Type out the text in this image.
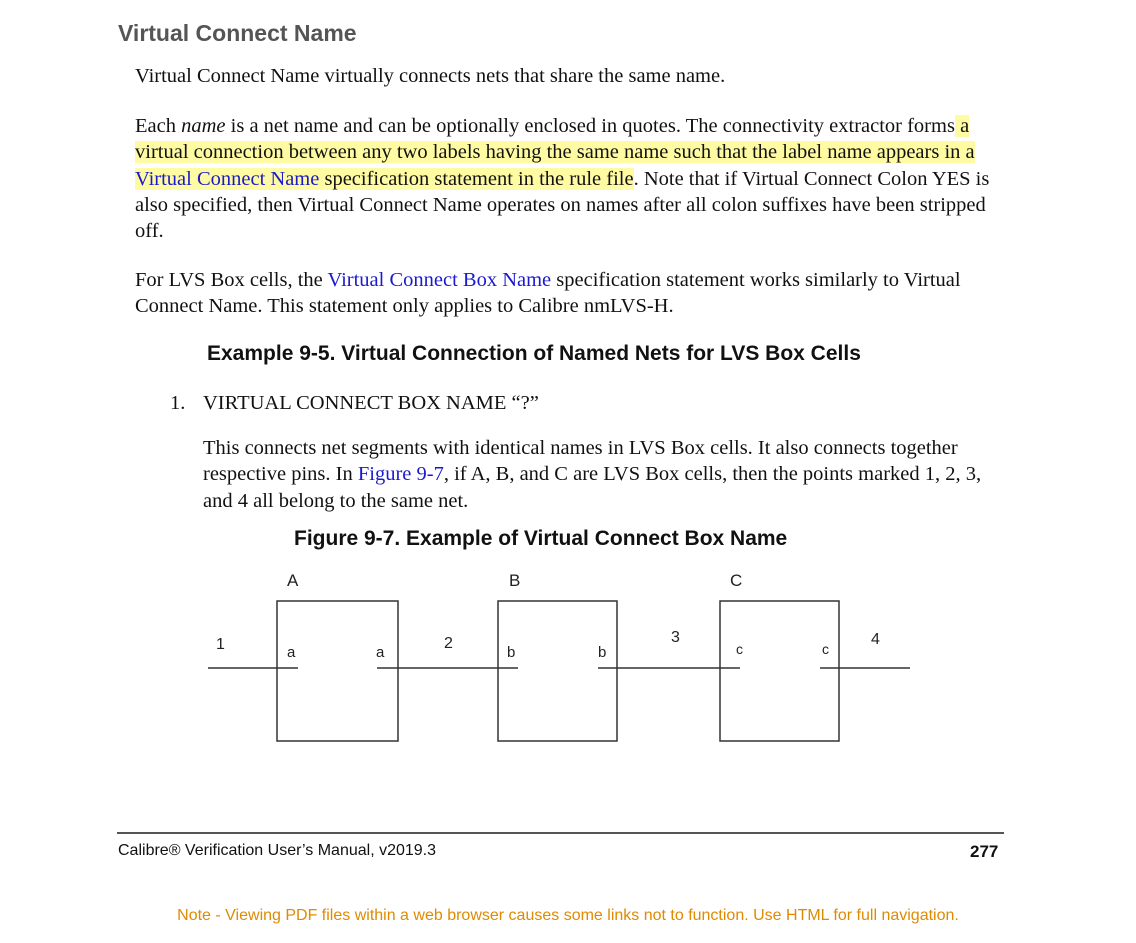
Virtual Connect Name

Virtual Connect Name virtually connects nets that share the same name.

Each name is a net name and can be optionally enclosed in quotes. The connectivity extractor forms a virtual connection between any two labels having the same name such that the label name appears in a Virtual Connect Name specification statement in the rule file. Note that if Virtual Connect Colon YES is also specified, then Virtual Connect Name operates on names after all colon suffixes have been stripped off.

For LVS Box cells, the Virtual Connect Box Name specification statement works similarly to Virtual Connect Name. This statement only applies to Calibre nmLVS-H.

Example 9-5. Virtual Connection of Named Nets for LVS Box Cells
1. VIRTUAL CONNECT BOX NAME “?”

This connects net segments with identical names in LVS Box cells. It also connects together respective pins. In Figure 9-7, if A, B, and C are LVS Box cells, then the points marked 1, 2, 3, and 4 all belong to the same net.

Figure 9-7. Example of Virtual Connect Box Name
A	B	C
a	a	b	b	c	c
1	2	3	4
Calibre® Verification User’s Manual, v2019.3	277
Note - Viewing PDF files within a web browser causes some links not to function. Use HTML for full navigation.
